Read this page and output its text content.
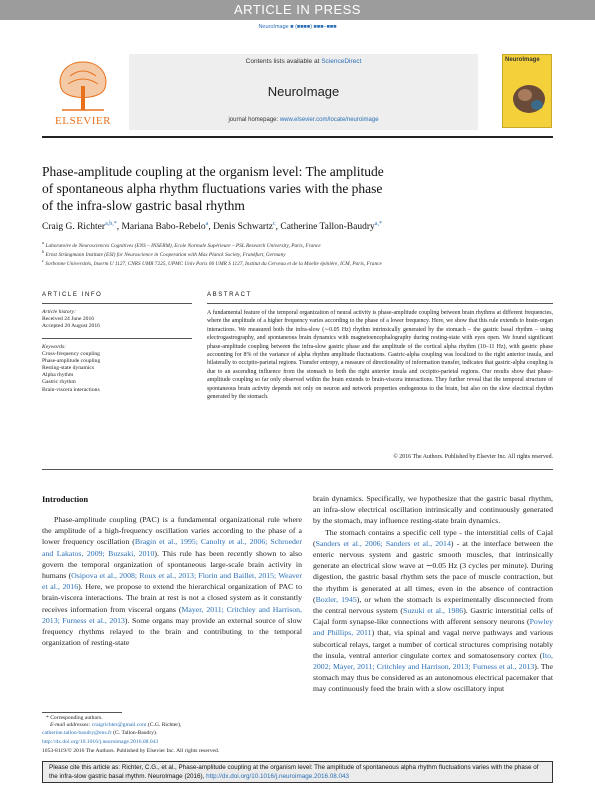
ARTICLE IN PRESS
NeuroImage ■ (■■■■) ■■■–■■■
ELSEVIER
Contents lists available at ScienceDirect
NeuroImage
journal homepage: www.elsevier.com/locate/neuroimage
NeuroImage
Phase-amplitude coupling at the organism level: The amplitude
of spontaneous alpha rhythm fluctuations varies with the phase
of the infra-slow gastric basal rhythm
Craig G. Richter$^{a,b,*}$, Mariana Babo-Rebelo$^a$, Denis Schwartz$^c$, Catherine Tallon-Baudry$^{a,*}$
$^a$ Laboratoire de Neurosciences Cognitives (ENS – INSERM), Ecole Normale Supérieure – PSL Research University, Paris, France
$^b$ Ernst Strüngmann Institute (ESI) for Neuroscience in Cooperation with Max Planck Society, Frankfurt, Germany
$^c$ Sorbonne Universités, Inserm U 1127, CNRS UMR 7225, UPMC Univ Paris 06 UMR S 1127, Institut du Cerveau et de la Moelle épinière, ICM, Paris, France
ARTICLE INFO
Article history:
Received 24 June 2016
Accepted 20 August 2016
Keywords:
Cross-frequency coupling
Phase-amplitude coupling
Resting-state dynamics
Alpha rhythm
Gastric rhythm
Brain-viscera interactions
ABSTRACT
A fundamental feature of the temporal organization of neural activity is phase-amplitude coupling between brain rhythms at different frequencies, where the amplitude of a higher frequency varies according to the phase of a lower frequency. Here, we show that this rule extends to brain-organ interactions. We measured both the infra-slow (∼0.05 Hz) rhythm intrinsically generated by the stomach – the gastric basal rhythm – using electrogastrography, and spontaneous brain dynamics with magnetoencephalography during resting-state with eyes open. We found significant phase-amplitude coupling between the infra-slow gastric phase and the amplitude of the cortical alpha rhythm (10–11 Hz), with gastric phase accounting for 8% of the variance of alpha rhythm amplitude fluctuations. Gastric-alpha coupling was localized to the right anterior insula, and bilaterally to occipito-parietal regions. Transfer entropy, a measure of directionality of information transfer, indicates that gastric-alpha coupling is due to an ascending influence from the stomach to both the right anterior insula and occipito-parietal regions. Our results show that phase-amplitude coupling so far only observed within the brain extends to brain-viscera interactions. They further reveal that the temporal structure of spontaneous brain activity depends not only on neuron and network properties endogenous to the brain, but also on the slow electrical rhythm generated by the stomach.
© 2016 The Authors. Published by Elsevier Inc. All rights reserved.
Introduction

Phase-amplitude coupling (PAC) is a fundamental organizational rule where the amplitude of a high-frequency oscillation varies according to the phase of a lower frequency oscillation (Bragin et al., 1995; Canolty et al., 2006; Schroeder and Lakatos, 2009; Buzsaki, 2010). This rule has been recently shown to also govern the temporal organization of spontaneous large-scale brain activity in humans (Osipova et al., 2008; Roux et al., 2013; Florin and Baillet, 2015; Weaver et al., 2016). Here, we propose to extend the hierarchical organization of PAC to brain-viscera interactions. The brain at rest is not a closed system as it constantly receives information from visceral organs (Mayer, 2011; Critchley and Harrison, 2013; Furness et al., 2013). Some organs may provide an external source of slow frequency rhythms relayed to the brain and contributing to the temporal organization of resting-state

brain dynamics. Specifically, we hypothesize that the gastric basal rhythm, an infra-slow electrical oscillation intrinsically and continuously generated by the stomach, may influence resting-state brain dynamics.

The stomach contains a specific cell type - the interstitial cells of Cajal (Sanders et al., 2006; Sanders et al., 2014) - at the interface between the enteric nervous system and gastric smooth muscles, that intrinsically generate an electrical slow wave at ∼0.05 Hz (3 cycles per minute). During digestion, the gastric basal rhythm sets the pace of muscle contraction, but the rhythm is generated at all times, even in the absence of contraction (Bozler, 1945), or when the stomach is experimentally disconnected from the central nervous system (Suzuki et al., 1986). Gastric interstitial cells of Cajal form synapse-like connections with afferent sensory neurons (Powley and Phillips, 2011) that, via spinal and vagal nerve pathways and various subcortical relays, target a number of cortical structures comprising notably the insula, ventral anterior cingulate cortex and somatosensory cortex (Ito, 2002; Mayer, 2011; Critchley and Harrison, 2013; Furness et al., 2013). The stomach may thus be considered as an autonomous electrical pacemaker that may continuously feed the brain with a slow oscillatory input

* Corresponding authors.
E-mail addresses: craigrichter@gmail.com (C.G. Richter),
catherine.tallon-baudry@ens.fr (C. Tallon-Baudry).
http://dx.doi.org/10.1016/j.neuroimage.2016.08.043
1053-8119/© 2016 The Authors. Published by Elsevier Inc. All rights reserved.
Please cite this article as: Richter, C.G., et al., Phase-amplitude coupling at the organism level: The amplitude of spontaneous alpha rhythm fluctuations varies with the phase of the infra-slow gastric basal rhythm. NeuroImage (2016), http://dx.doi.org/10.1016/j.neuroimage.2016.08.043
